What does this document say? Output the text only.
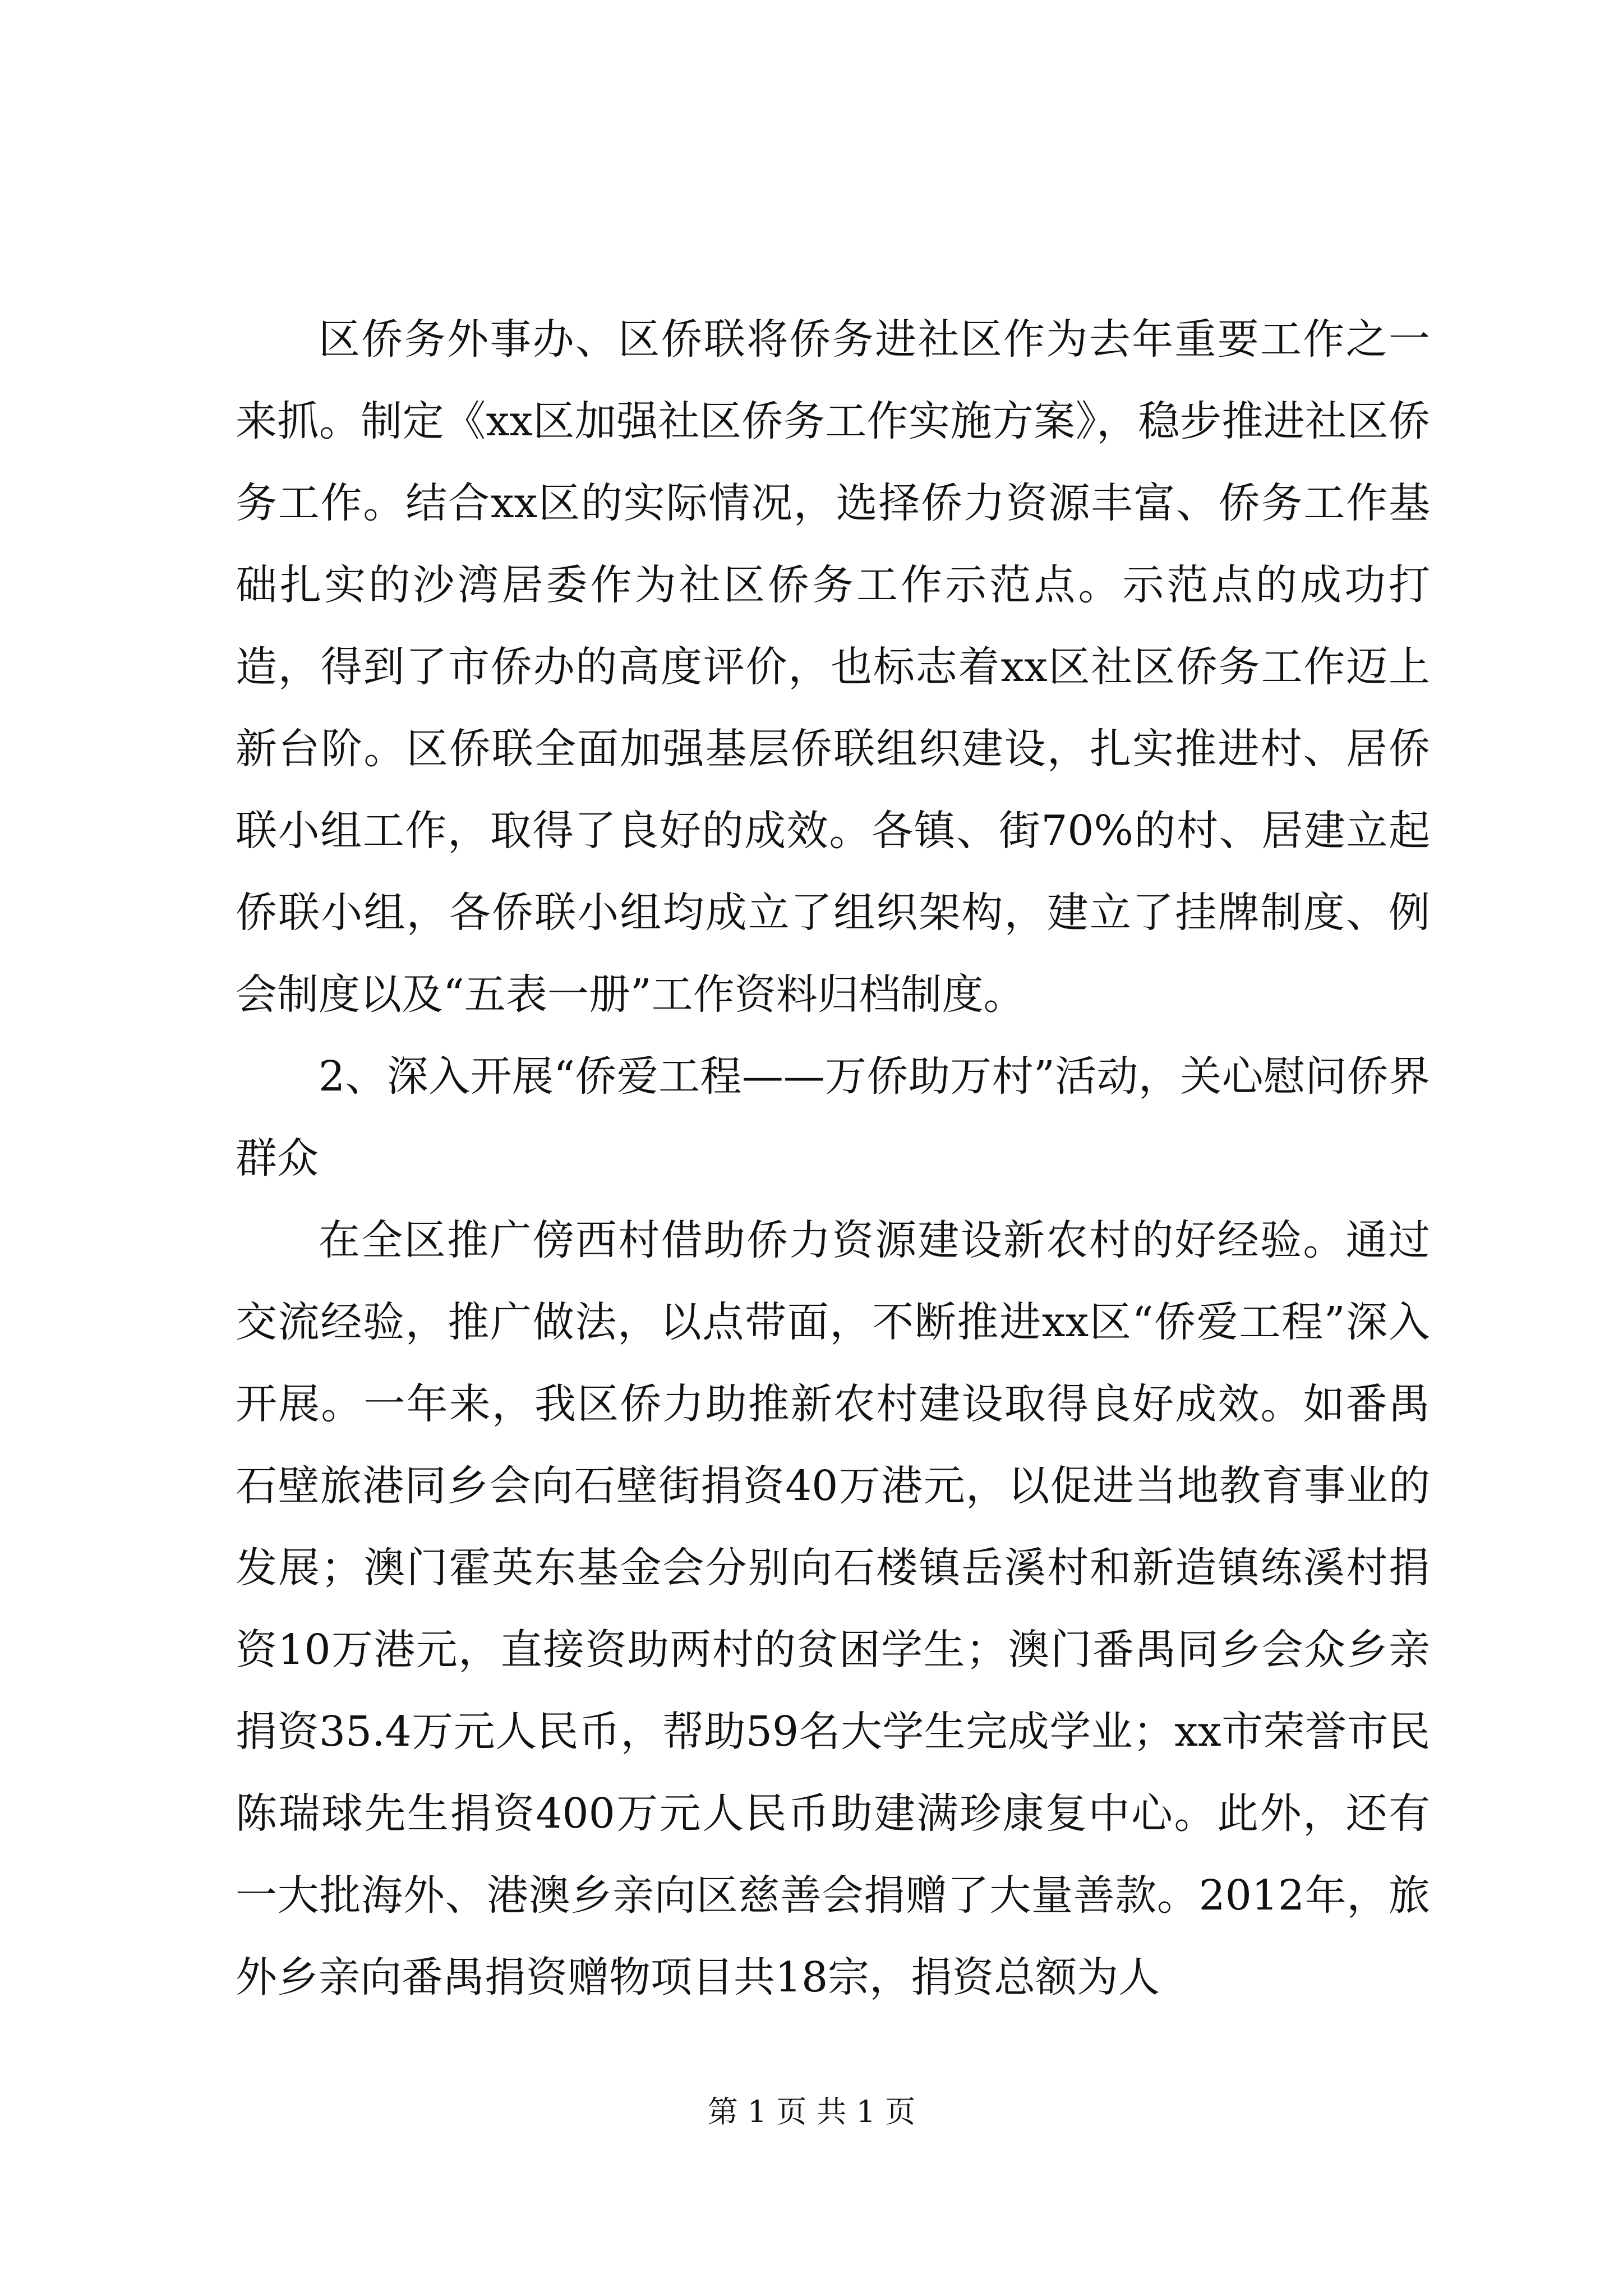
区侨务外事办、区侨联将侨务进社区作为去年重要工作之一来抓。制定《xx区加强社区侨务工作实施方案》，稳步推进社区侨务工作。结合xx区的实际情况，选择侨力资源丰富、侨务工作基础扎实的沙湾居委作为社区侨务工作示范点。示范点的成功打造，得到了市侨办的高度评价，也标志着xx区社区侨务工作迈上新台阶。区侨联全面加强基层侨联组织建设，扎实推进村、居侨联小组工作，取得了良好的成效。各镇、街70%的村、居建立起侨联小组，各侨联小组均成立了组织架构，建立了挂牌制度、例会制度以及“五表一册”工作资料归档制度。

2、深入开展“侨爱工程——万侨助万村”活动，关心慰问侨界群众

在全区推广傍西村借助侨力资源建设新农村的好经验。通过交流经验，推广做法，以点带面，不断推进xx区“侨爱工程”深入开展。一年来，我区侨力助推新农村建设取得良好成效。如番禺石壁旅港同乡会向石壁街捐资40万港元，以促进当地教育事业的发展；澳门霍英东基金会分别向石楼镇岳溪村和新造镇练溪村捐资10万港元，直接资助两村的贫困学生；澳门番禺同乡会众乡亲捐资35.4万元人民币，帮助59名大学生完成学业；xx市荣誉市民陈瑞球先生捐资400万元人民币助建满珍康复中心。此外，还有一大批海外、港澳乡亲向区慈善会捐赠了大量善款。2012年，旅外乡亲向番禺捐资赠物项目共18宗，捐资总额为人

第 1 页 共 1 页
